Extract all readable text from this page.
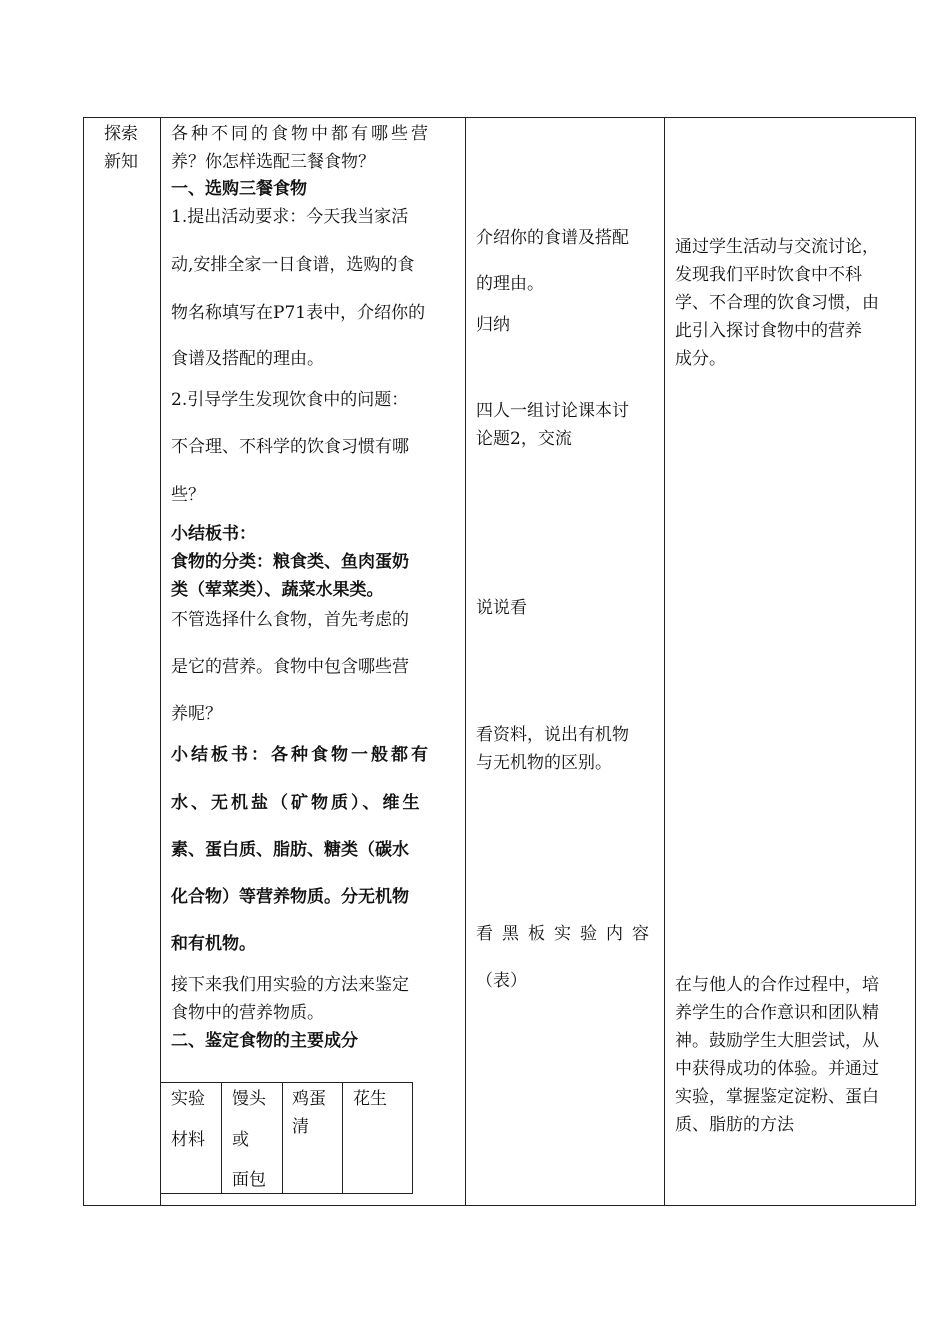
探索
新知
各种不同的食物中都有哪些营
养？你怎样选配三餐食物？
一、选购三餐食物
1.提出活动要求：今天我当家活
动,安排全家一日食谱，选购的食
物名称填写在P71表中，介绍你的
食谱及搭配的理由。
2.引导学生发现饮食中的问题：
不合理、不科学的饮食习惯有哪
些？
小结板书：
食物的分类：粮食类、鱼肉蛋奶
类（荤菜类）、蔬菜水果类。
不管选择什么食物，首先考虑的
是它的营养。食物中包含哪些营
养呢？
小结板书：各种食物一般都有
水、无机盐（矿物质）、维生
素、蛋白质、脂肪、糖类（碳水
化合物）等营养物质。分无机物
和有机物。
接下来我们用实验的方法来鉴定
食物中的营养物质。
二、鉴定食物的主要成分
实验
材料
馒头
或
面包
鸡蛋
清
花生
介绍你的食谱及搭配
的理由。
归纳
四人一组讨论课本讨
论题2，交流
说说看
看资料，说出有机物
与无机物的区别。
看黑板实验内容
（表）
通过学生活动与交流讨论，
发现我们平时饮食中不科
学、不合理的饮食习惯，由
此引入探讨食物中的营养
成分。
在与他人的合作过程中，培
养学生的合作意识和团队精
神。鼓励学生大胆尝试，从
中获得成功的体验。并通过
实验，掌握鉴定淀粉、蛋白
质、脂肪的方法
